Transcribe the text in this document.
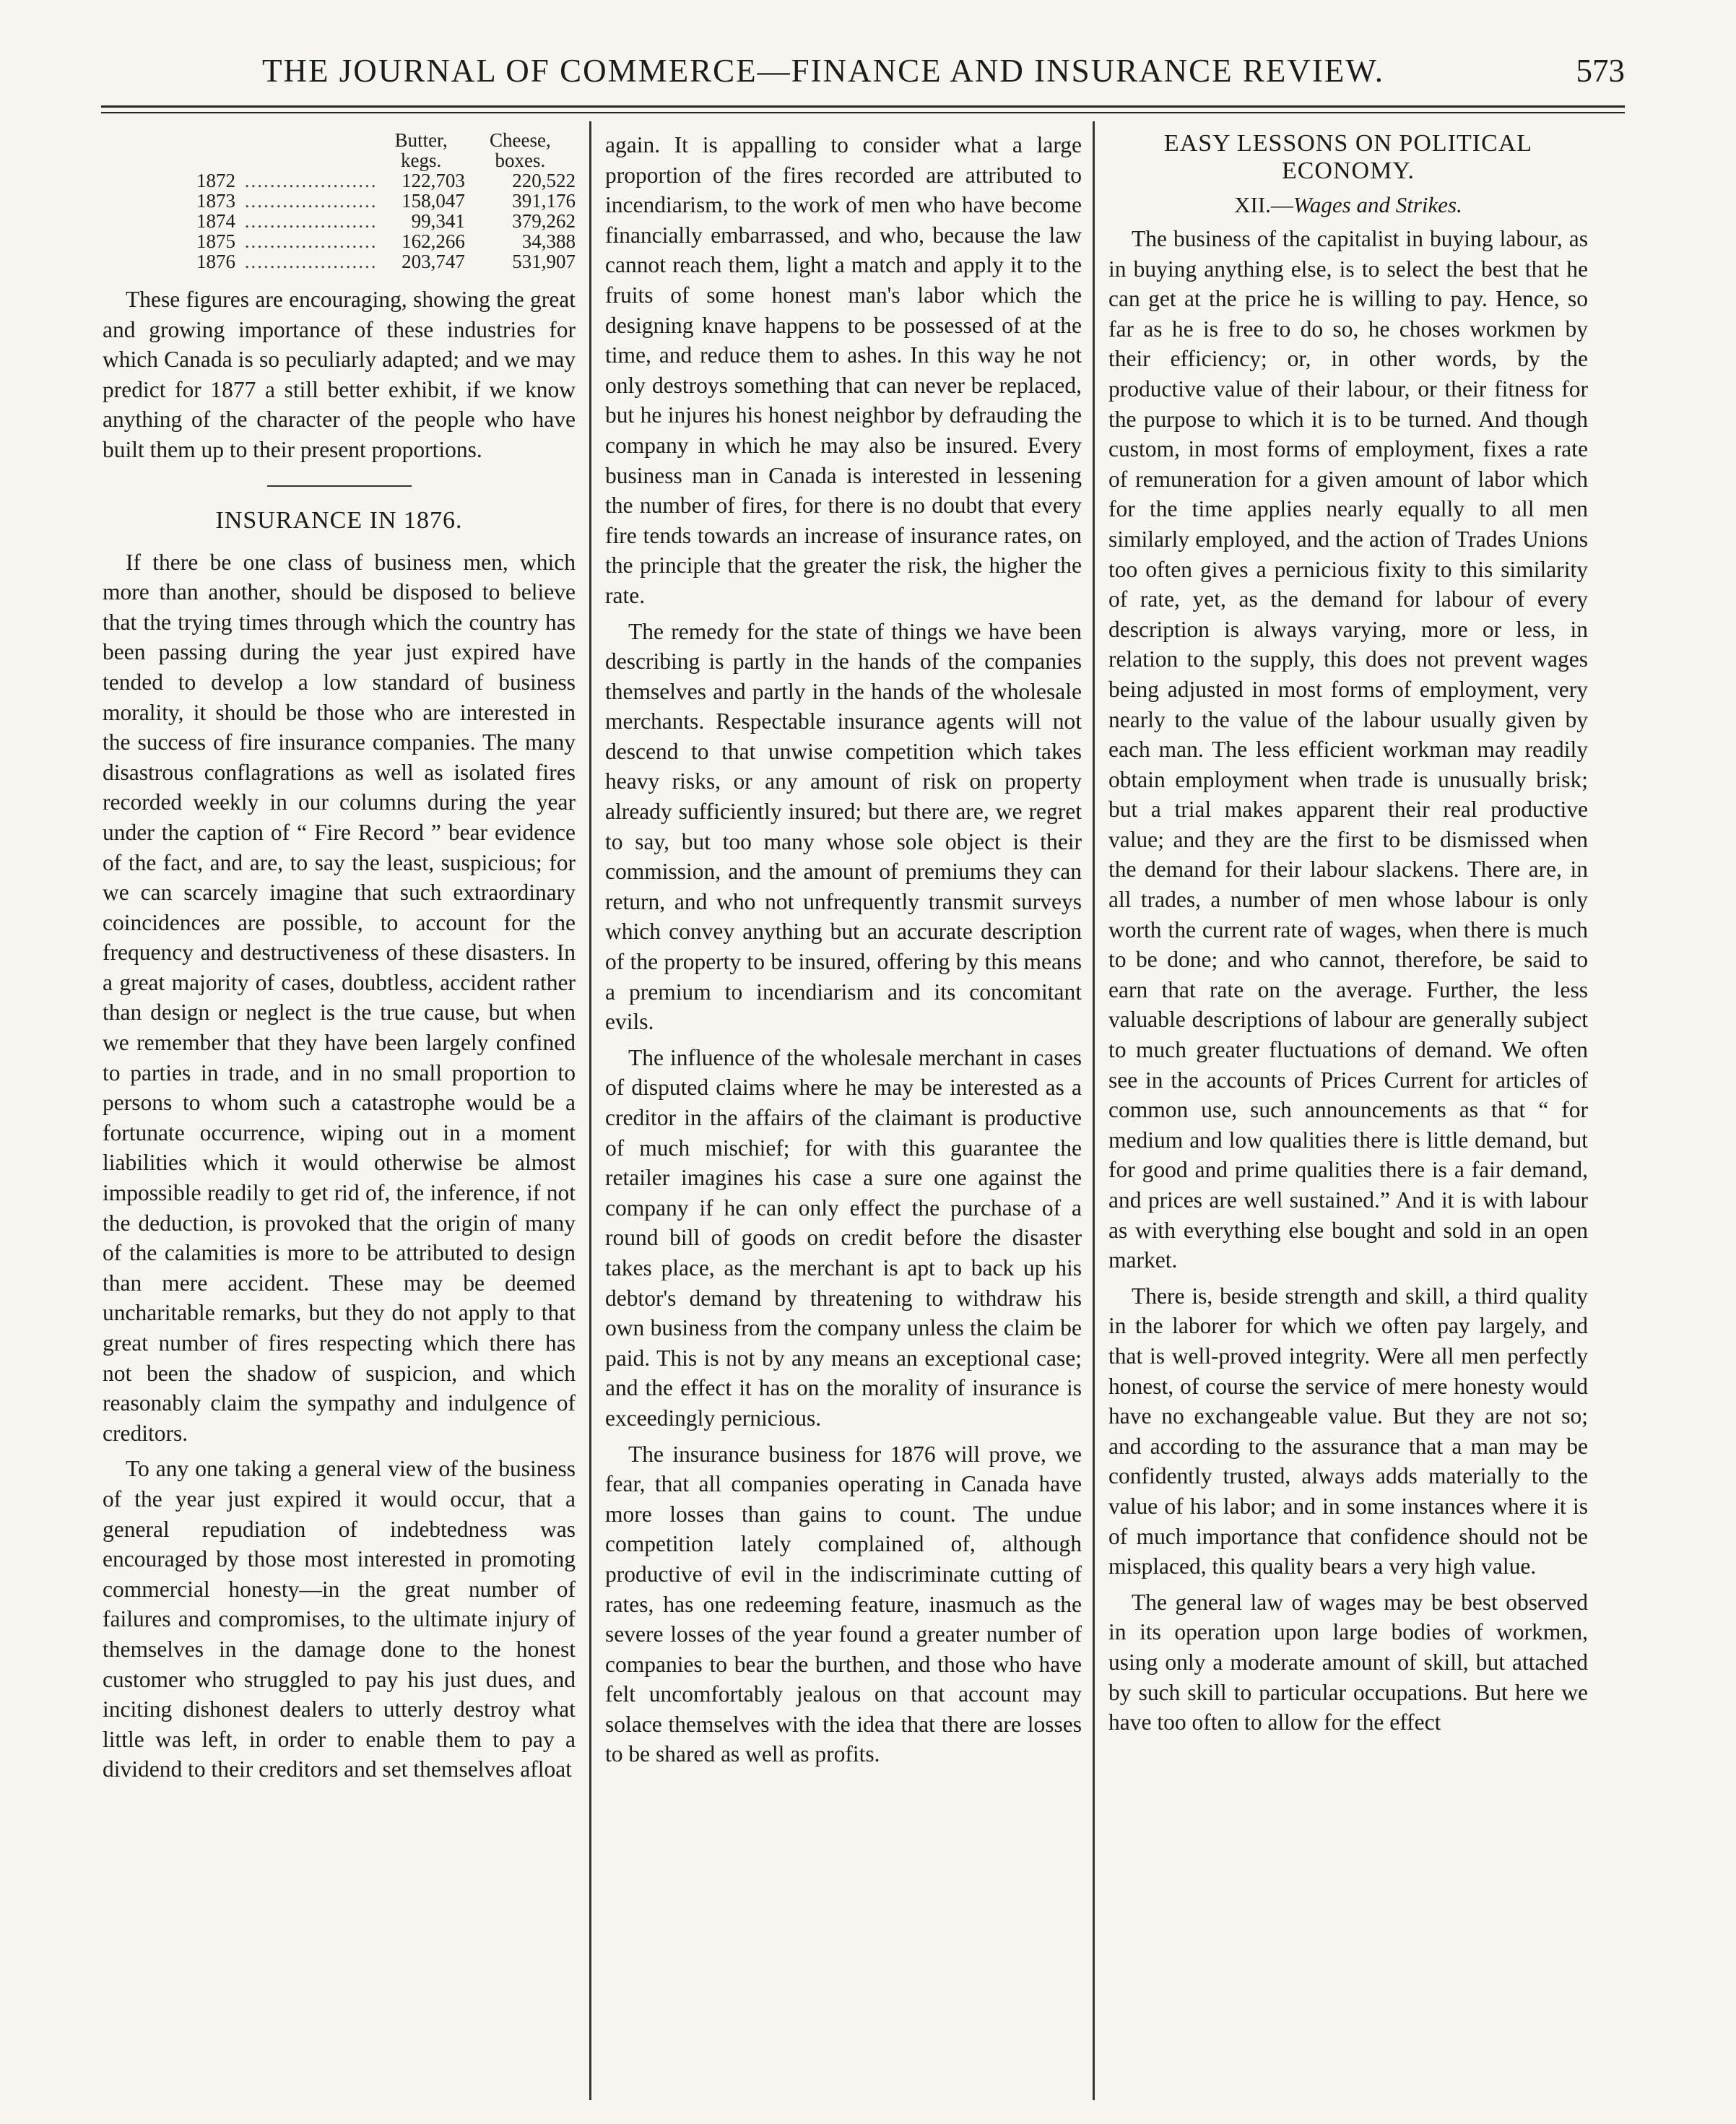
THE JOURNAL OF COMMERCE—FINANCE AND INSURANCE REVIEW.	573
		Butter,	Cheese,
		kegs.	boxes.
1872	.....................	122,703	220,522
1873	.....................	158,047	391,176
1874	.....................	99,341	379,262
1875	.....................	162,266	34,388
1876	.....................	203,747	531,907

These figures are encouraging, showing the great and growing importance of these industries for which Canada is so peculiarly adapted; and we may predict for 1877 a still better exhibit, if we know anything of the character of the people who have built them up to their present proportions.

INSURANCE IN 1876.

If there be one class of business men, which more than another, should be disposed to believe that the trying times through which the country has been passing during the year just expired have tended to develop a low standard of business morality, it should be those who are interested in the success of fire insurance companies. The many disastrous conflagrations as well as isolated fires recorded weekly in our columns during the year under the caption of “ Fire Record ” bear evidence of the fact, and are, to say the least, suspicious; for we can scarcely imagine that such extraordinary coincidences are possible, to account for the frequency and destructiveness of these disasters. In a great majority of cases, doubtless, accident rather than design or neglect is the true cause, but when we remember that they have been largely confined to parties in trade, and in no small proportion to persons to whom such a catastrophe would be a fortunate occurrence, wiping out in a moment liabilities which it would otherwise be almost impossible readily to get rid of, the inference, if not the deduction, is provoked that the origin of many of the calamities is more to be attributed to design than mere accident. These may be deemed uncharitable remarks, but they do not apply to that great number of fires respecting which there has not been the shadow of suspicion, and which reasonably claim the sympathy and indulgence of creditors.

To any one taking a general view of the business of the year just expired it would occur, that a general repudiation of indebtedness was encouraged by those most interested in promoting commercial honesty—in the great number of failures and compromises, to the ultimate injury of themselves in the damage done to the honest customer who struggled to pay his just dues, and inciting dishonest dealers to utterly destroy what little was left, in order to enable them to pay a dividend to their creditors and set themselves afloat

again. It is appalling to consider what a large proportion of the fires recorded are attributed to incendiarism, to the work of men who have become financially embarrassed, and who, because the law cannot reach them, light a match and apply it to the fruits of some honest man's labor which the designing knave happens to be possessed of at the time, and reduce them to ashes. In this way he not only destroys something that can never be replaced, but he injures his honest neighbor by defrauding the company in which he may also be insured. Every business man in Canada is interested in lessening the number of fires, for there is no doubt that every fire tends towards an increase of insurance rates, on the principle that the greater the risk, the higher the rate.

The remedy for the state of things we have been describing is partly in the hands of the companies themselves and partly in the hands of the wholesale merchants. Respectable insurance agents will not descend to that unwise competition which takes heavy risks, or any amount of risk on property already sufficiently insured; but there are, we regret to say, but too many whose sole object is their commission, and the amount of premiums they can return, and who not unfrequently transmit surveys which convey anything but an accurate description of the property to be insured, offering by this means a premium to incendiarism and its concomitant evils.

The influence of the wholesale merchant in cases of disputed claims where he may be interested as a creditor in the affairs of the claimant is productive of much mischief; for with this guarantee the retailer imagines his case a sure one against the company if he can only effect the purchase of a round bill of goods on credit before the disaster takes place, as the merchant is apt to back up his debtor's demand by threatening to withdraw his own business from the company unless the claim be paid. This is not by any means an exceptional case; and the effect it has on the morality of insurance is exceedingly pernicious.

The insurance business for 1876 will prove, we fear, that all companies operating in Canada have more losses than gains to count. The undue competition lately complained of, although productive of evil in the indiscriminate cutting of rates, has one redeeming feature, inasmuch as the severe losses of the year found a greater number of companies to bear the burthen, and those who have felt uncomfortably jealous on that account may solace themselves with the idea that there are losses to be shared as well as profits.

EASY LESSONS ON POLITICAL ECONOMY.
XII.—Wages and Strikes.

The business of the capitalist in buying labour, as in buying anything else, is to select the best that he can get at the price he is willing to pay. Hence, so far as he is free to do so, he choses workmen by their efficiency; or, in other words, by the productive value of their labour, or their fitness for the purpose to which it is to be turned. And though custom, in most forms of employment, fixes a rate of remuneration for a given amount of labor which for the time applies nearly equally to all men similarly employed, and the action of Trades Unions too often gives a pernicious fixity to this similarity of rate, yet, as the demand for labour of every description is always varying, more or less, in relation to the supply, this does not prevent wages being adjusted in most forms of employment, very nearly to the value of the labour usually given by each man. The less efficient workman may readily obtain employment when trade is unusually brisk; but a trial makes apparent their real productive value; and they are the first to be dismissed when the demand for their labour slackens. There are, in all trades, a number of men whose labour is only worth the current rate of wages, when there is much to be done; and who cannot, therefore, be said to earn that rate on the average. Further, the less valuable descriptions of labour are generally subject to much greater fluctuations of demand. We often see in the accounts of Prices Current for articles of common use, such announcements as that “ for medium and low qualities there is little demand, but for good and prime qualities there is a fair demand, and prices are well sustained.” And it is with labour as with everything else bought and sold in an open market.

There is, beside strength and skill, a third quality in the laborer for which we often pay largely, and that is well-proved integrity. Were all men perfectly honest, of course the service of mere honesty would have no exchangeable value. But they are not so; and according to the assurance that a man may be confidently trusted, always adds materially to the value of his labor; and in some instances where it is of much importance that confidence should not be misplaced, this quality bears a very high value.

The general law of wages may be best observed in its operation upon large bodies of workmen, using only a moderate amount of skill, but attached by such skill to particular occupations. But here we have too often to allow for the effect
